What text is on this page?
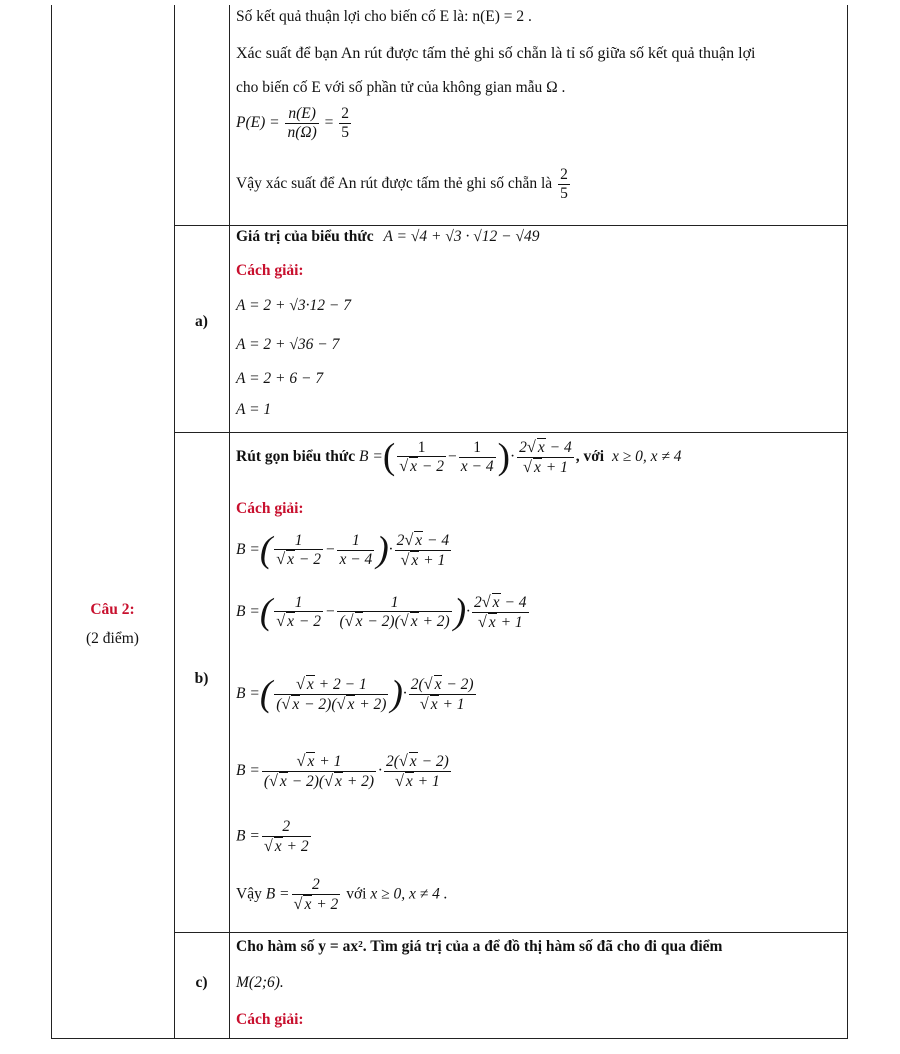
Số kết quả thuận lợi cho biến cố E là: n(E) = 2 .
Xác suất để bạn An rút được tấm thẻ ghi số chẵn là tỉ số giữa số kết quả thuận lợi
cho biến cố E với số phần tử của không gian mẫu Ω .
$P(E) = \frac{n(E)}{n(\Omega)} = \frac{2}{5}$
Vậy xác suất để An rút được tấm thẻ ghi số chẵn là $\frac{2}{5}$
Câu 2:
(2 điểm)
a)
Giá trị của biểu thức A = √4 + √3 · √12 − √49
Cách giải:
A = 2 + √3·12 − 7
A = 2 + √36 − 7
A = 2 + 6 − 7
A = 1
b)
Rút gọn biểu thức B =( $\frac{1}{√ x - 2} - \frac{1}{x - 4}$ )· $\frac{2√ x - 4}{√ x + 1}$ , với x ≥ 0, x ≠ 4
Cách giải:
B =( $\frac{1}{√ x - 2} - \frac{1}{x - 4}$ )· $\frac{2√ x - 4}{√ x + 1}$
B =( $\frac{1}{√ x - 2} - \frac{1}{(√ x - 2)(√ x + 2)}$ )· $\frac{2√ x - 4}{√ x + 1}$
B =( $\frac{√ x + 2 - 1}{(√ x - 2)(√ x + 2)}$ )· $\frac{2(√ x - 2)}{√ x + 1}$
$B = \frac{√ x + 1}{(√ x - 2)(√ x + 2)} \cdot \frac{2(√ x - 2)}{√ x + 1}$
$B = \frac{2}{√ x + 2}$
Vậy $B = \frac{2}{√ x + 2}$ với x ≥ 0, x ≠ 4 .
c)
Cho hàm số y = ax². Tìm giá trị của a để đồ thị hàm số đã cho đi qua điểm
M(2;6).
Cách giải:
